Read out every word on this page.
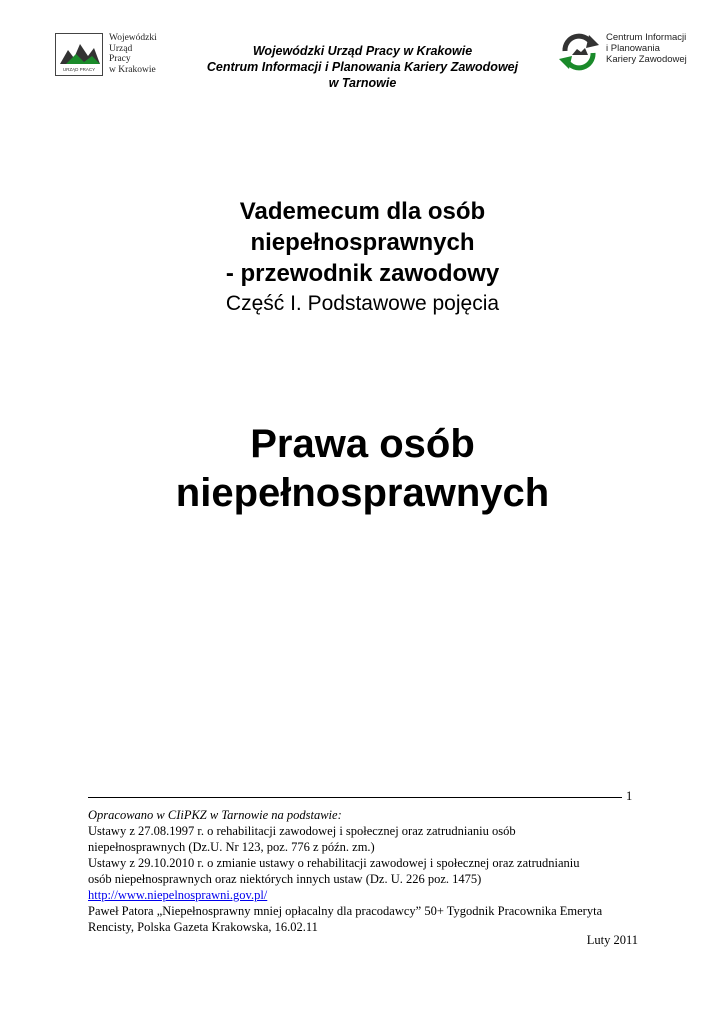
URZĄD PRACY
Wojewódzki
Urząd
Pracy
w Krakowie
Wojewódzki Urząd Pracy w Krakowie
Centrum Informacji i Planowania Kariery Zawodowej
w Tarnowie
Centrum Informacji
i Planowania
Kariery Zawodowej
Vademecum dla osób
niepełnosprawnych
- przewodnik zawodowy
Część I. Podstawowe pojęcia
Prawa osób
niepełnosprawnych
1
Opracowano w CIiPKZ w Tarnowie na podstawie:
Ustawy z 27.08.1997 r. o rehabilitacji zawodowej i społecznej oraz zatrudnianiu osób
niepełnosprawnych (Dz.U. Nr 123, poz. 776 z późn. zm.)
Ustawy z 29.10.2010 r. o zmianie ustawy o rehabilitacji zawodowej i społecznej oraz zatrudnianiu
osób niepełnosprawnych oraz niektórych innych ustaw (Dz. U. 226 poz. 1475)
http://www.niepelnosprawni.gov.pl/
Paweł Patora „Niepełnosprawny mniej opłacalny dla pracodawcy” 50+ Tygodnik Pracownika Emeryta
Rencisty, Polska Gazeta Krakowska, 16.02.11
Luty 2011
